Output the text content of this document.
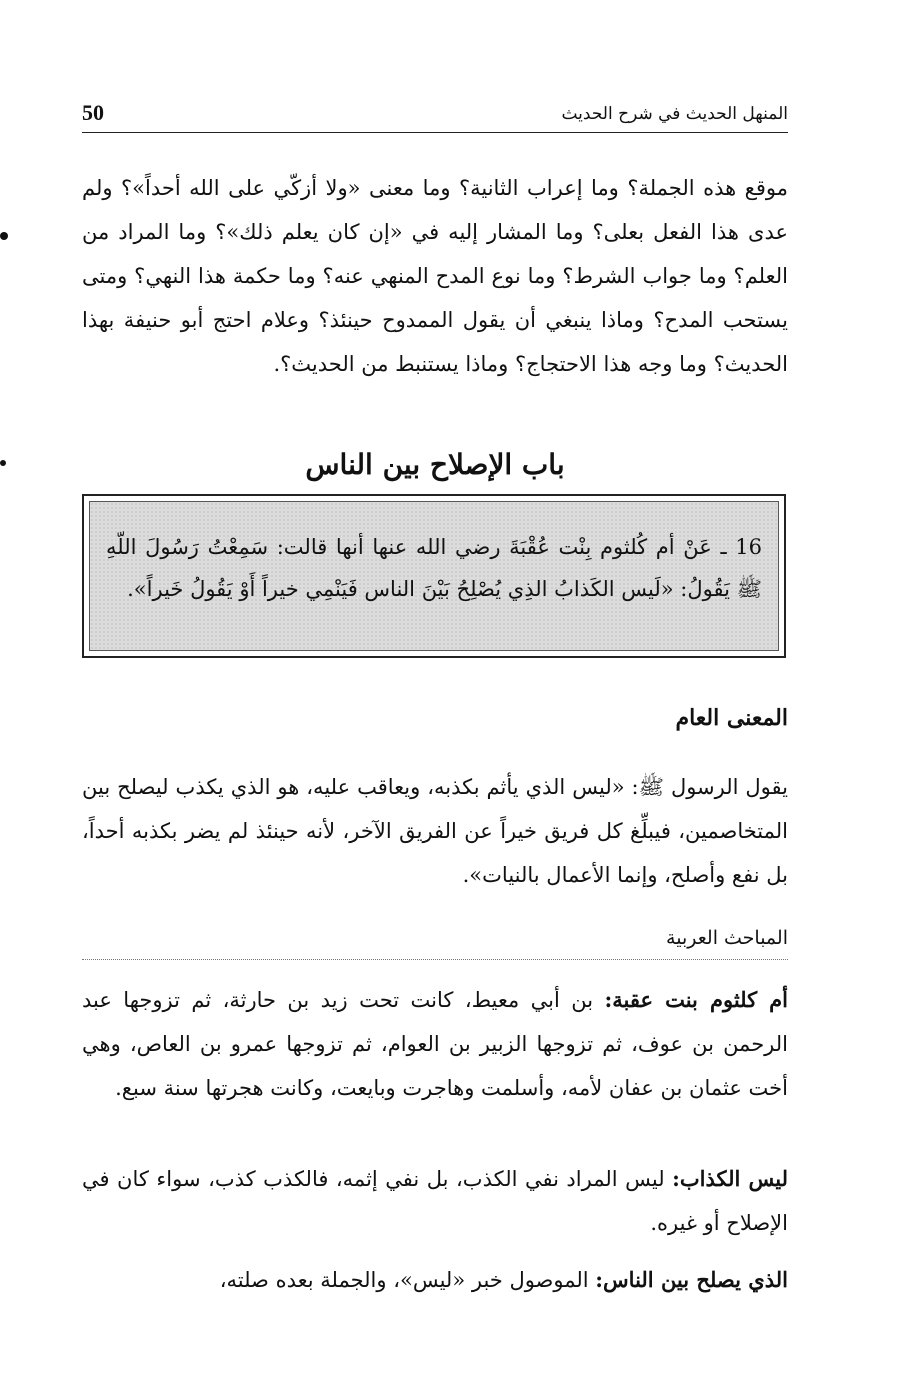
50	المنهل الحديث في شرح الحديث

موقع هذه الجملة؟ وما إعراب الثانية؟ وما معنى «ولا أزكّي على الله أحداً»؟ ولم عدى هذا الفعل بعلى؟ وما المشار إليه في «إن كان يعلم ذلك»؟ وما المراد من العلم؟ وما جواب الشرط؟ وما نوع المدح المنهي عنه؟ وما حكمة هذا النهي؟ ومتى يستحب المدح؟ وماذا ينبغي أن يقول الممدوح حينئذ؟ وعلام احتج أبو حنيفة بهذا الحديث؟ وما وجه هذا الاحتجاج؟ وماذا يستنبط من الحديث؟.

باب الإصلاح بين الناس

16 ـ عَنْ أم كُلثوم بِنْت عُقْبَةَ رضي الله عنها أنها قالت: سَمِعْتُ رَسُولَ اللّهِ ﷺ يَقُولُ: «لَيس الكَذابُ الذِي يُصْلِحُ بَيْنَ الناس فَيَنْمِي خيراً أَوْ يَقُولُ خَيراً».

المعنى العام

يقول الرسول ﷺ: «ليس الذي يأثم بكذبه، ويعاقب عليه، هو الذي يكذب ليصلح بين المتخاصمين، فيبلِّغ كل فريق خيراً عن الفريق الآخر، لأنه حينئذ لم يضر بكذبه أحداً، بل نفع وأصلح، وإنما الأعمال بالنيات».

المباحث العربية

أم كلثوم بنت عقبة: بن أبي معيط، كانت تحت زيد بن حارثة، ثم تزوجها عبد الرحمن بن عوف، ثم تزوجها الزبير بن العوام، ثم تزوجها عمرو بن العاص، وهي أخت عثمان بن عفان لأمه، وأسلمت وهاجرت وبايعت، وكانت هجرتها سنة سبع.

ليس الكذاب: ليس المراد نفي الكذب، بل نفي إثمه، فالكذب كذب، سواء كان في الإصلاح أو غيره.

الذي يصلح بين الناس: الموصول خبر «ليس»، والجملة بعده صلته،
